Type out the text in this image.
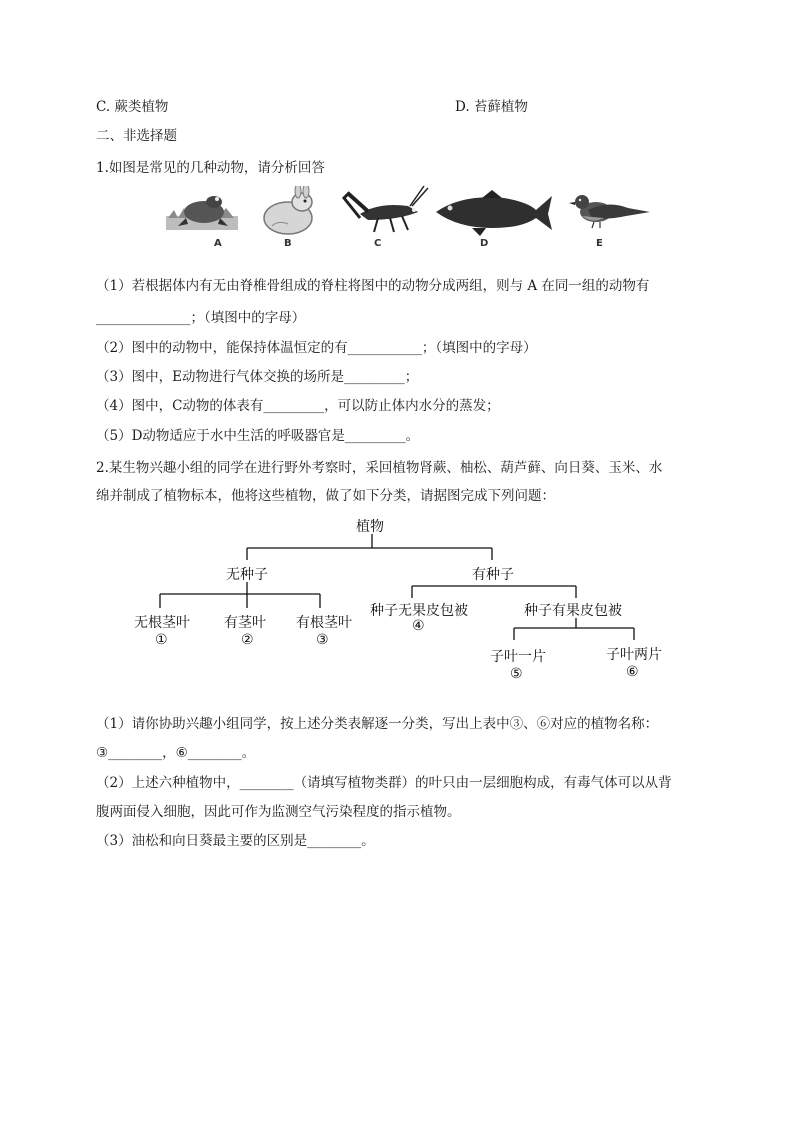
C. 蕨类植物	D. 苔藓植物
二、非选择题
1.如图是常见的几种动物，请分析回答
A	B	C	D	E
（1）若根据体内有无由脊椎骨组成的脊柱将图中的动物分成两组，则与 A 在同一组的动物有
______________；（填图中的字母）
（2）图中的动物中，能保持体温恒定的有___________；（填图中的字母）
（3）图中，E动物进行气体交换的场所是_________；
（4）图中，C动物的体表有_________，可以防止体内水分的蒸发；
（5）D动物适应于水中生活的呼吸器官是_________。
2.某生物兴趣小组的同学在进行野外考察时，采回植物肾蕨、柚松、葫芦藓、向日葵、玉米、水
绵并制成了植物标本，他将这些植物，做了如下分类，请据图完成下列问题：
植物
无种子	有种子
无根茎叶 有茎叶 有根茎叶
种子无果皮包被	种子有果皮包被
子叶一片	子叶两片
①	②	③
④
⑤	⑥
（1）请你协助兴趣小组同学，按上述分类表解逐一分类，写出上表中③、⑥对应的植物名称：
③________，⑥________。
（2）上述六种植物中，________（请填写植物类群）的叶只由一层细胞构成，有毒气体可以从背
腹两面侵入细胞，因此可作为监测空气污染程度的指示植物。
（3）油松和向日葵最主要的区别是________。
